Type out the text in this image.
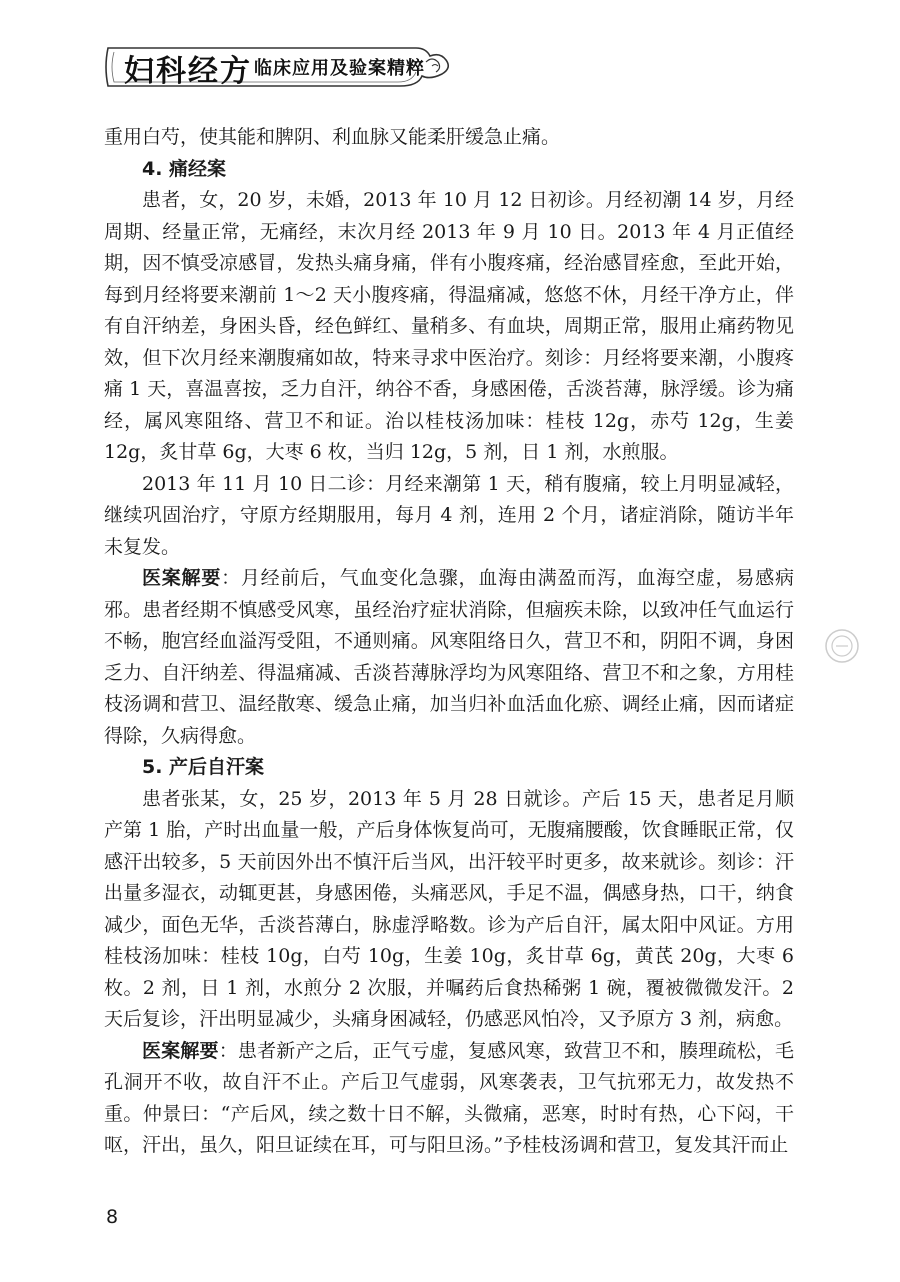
妇科经方 临床应用及验案精粹

重用白芍，使其能和脾阴、利血脉又能柔肝缓急止痛。

4. 痛经案

患者，女，20 岁，未婚，2013 年 10 月 12 日初诊。月经初潮 14 岁，月经周期、经量正常，无痛经，末次月经 2013 年 9 月 10 日。2013 年 4 月正值经期，因不慎受凉感冒，发热头痛身痛，伴有小腹疼痛，经治感冒痊愈，至此开始，每到月经将要来潮前 1～2 天小腹疼痛，得温痛减，悠悠不休，月经干净方止，伴有自汗纳差，身困头昏，经色鲜红、量稍多、有血块，周期正常，服用止痛药物见效，但下次月经来潮腹痛如故，特来寻求中医治疗。刻诊：月经将要来潮，小腹疼痛 1 天，喜温喜按，乏力自汗，纳谷不香，身感困倦，舌淡苔薄，脉浮缓。诊为痛经，属风寒阻络、营卫不和证。治以桂枝汤加味：桂枝 12g，赤芍 12g，生姜 12g，炙甘草 6g，大枣 6 枚，当归 12g，5 剂，日 1 剂，水煎服。

2013 年 11 月 10 日二诊：月经来潮第 1 天，稍有腹痛，较上月明显减轻，继续巩固治疗，守原方经期服用，每月 4 剂，连用 2 个月，诸症消除，随访半年未复发。

医案解要：月经前后，气血变化急骤，血海由满盈而泻，血海空虚，易感病邪。患者经期不慎感受风寒，虽经治疗症状消除，但痼疾未除，以致冲任气血运行不畅，胞宫经血溢泻受阻，不通则痛。风寒阻络日久，营卫不和，阴阳不调，身困乏力、自汗纳差、得温痛减、舌淡苔薄脉浮均为风寒阻络、营卫不和之象，方用桂枝汤调和营卫、温经散寒、缓急止痛，加当归补血活血化瘀、调经止痛，因而诸症得除，久病得愈。

5. 产后自汗案

患者张某，女，25 岁，2013 年 5 月 28 日就诊。产后 15 天，患者足月顺产第 1 胎，产时出血量一般，产后身体恢复尚可，无腹痛腰酸，饮食睡眠正常，仅感汗出较多，5 天前因外出不慎汗后当风，出汗较平时更多，故来就诊。刻诊：汗出量多湿衣，动辄更甚，身感困倦，头痛恶风，手足不温，偶感身热，口干，纳食减少，面色无华，舌淡苔薄白，脉虚浮略数。诊为产后自汗，属太阳中风证。方用桂枝汤加味：桂枝 10g，白芍 10g，生姜 10g，炙甘草 6g，黄芪 20g，大枣 6 枚。2 剂，日 1 剂，水煎分 2 次服，并嘱药后食热稀粥 1 碗，覆被微微发汗。2 天后复诊，汗出明显减少，头痛身困减轻，仍感恶风怕冷，又予原方 3 剂，病愈。

医案解要：患者新产之后，正气亏虚，复感风寒，致营卫不和，腠理疏松，毛孔洞开不收，故自汗不止。产后卫气虚弱，风寒袭表，卫气抗邪无力，故发热不重。仲景曰：“产后风，续之数十日不解，头微痛，恶寒，时时有热，心下闷，干呕，汗出，虽久，阳旦证续在耳，可与阳旦汤。”予桂枝汤调和营卫，复发其汗而止

8
